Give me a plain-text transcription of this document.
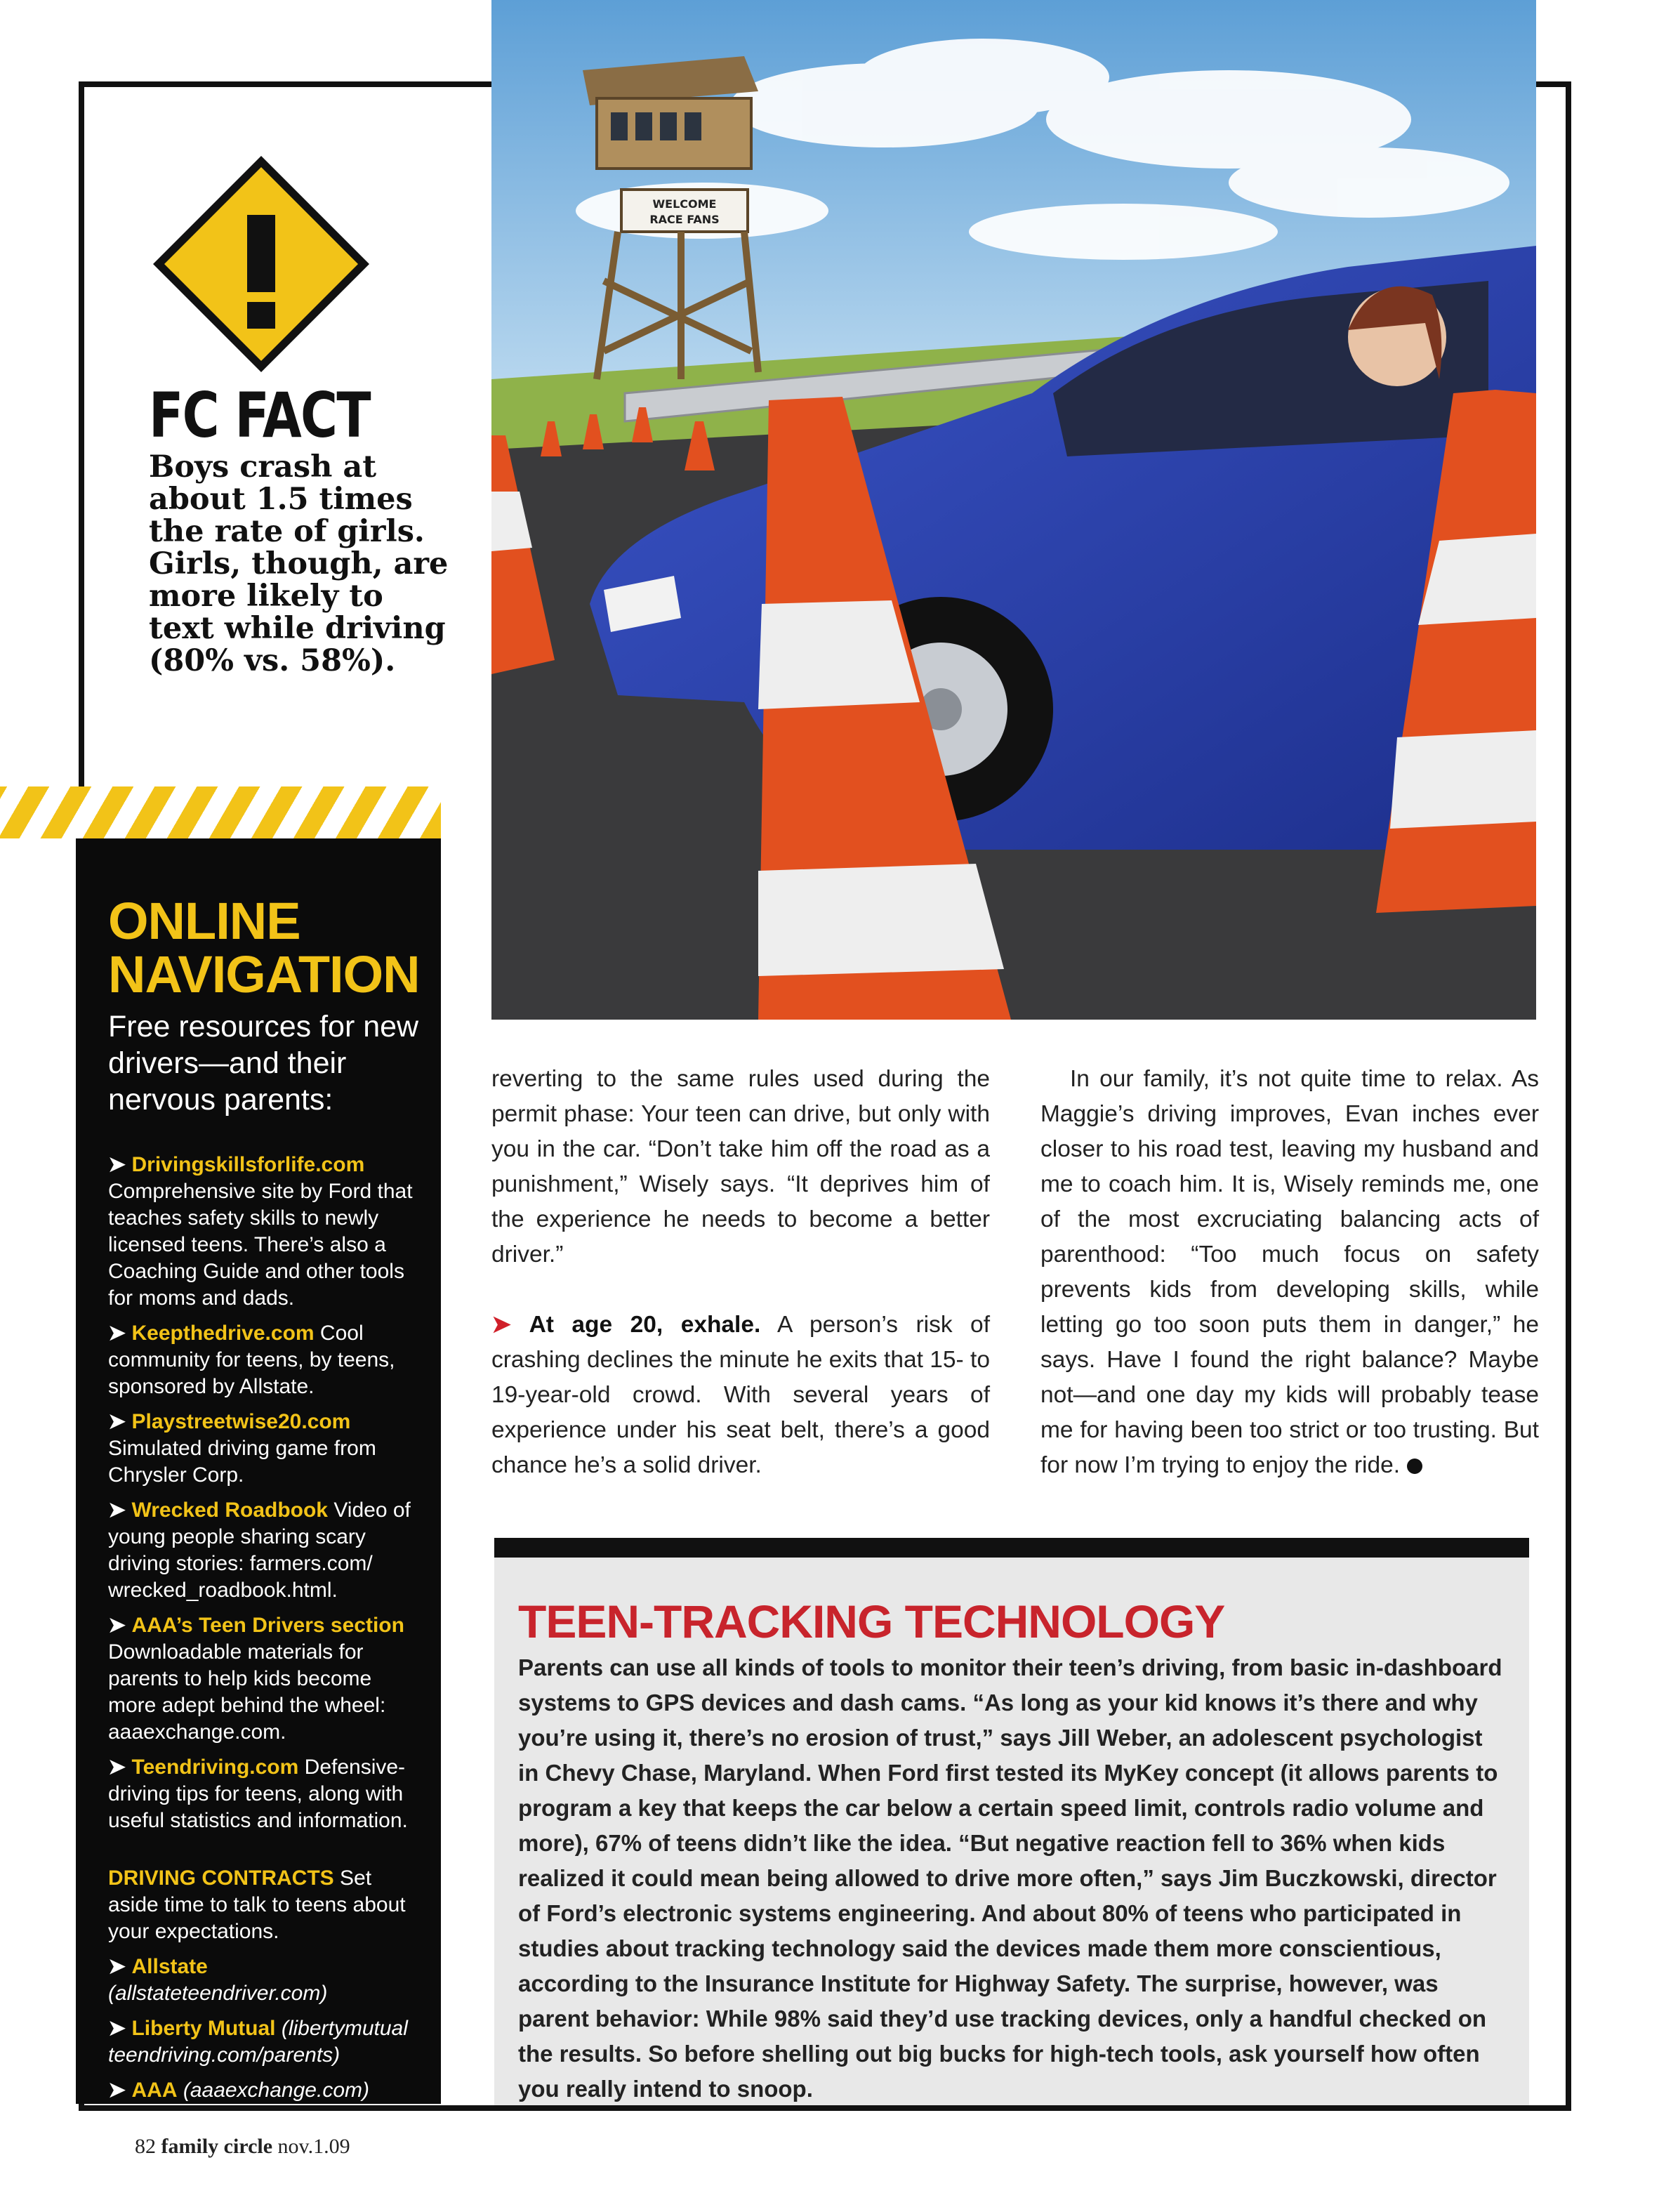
WELCOME
RACE FANS
FC FACT
Boys crash at about 1.5 times the rate of girls. Girls, though, are more likely to text while driving (80% vs. 58%).
ONLINE
NAVIGATION
Free resources for new drivers—and their nervous parents:
➤ Drivingskillsforlife.com Comprehensive site by Ford that teaches safety skills to newly licensed teens. There’s also a Coaching Guide and other tools for moms and dads.
➤ Keepthedrive.com Cool community for teens, by teens, sponsored by Allstate.
➤ Playstreetwise20.com Simulated driving game from Chrysler Corp.
➤ Wrecked Roadbook Video of young people sharing scary driving stories: farmers.com/ wrecked_roadbook.html.
➤ AAA’s Teen Drivers section Downloadable materials for parents to help kids become more adept behind the wheel: aaaexchange.com.
➤ Teendriving.com Defensive-driving tips for teens, along with useful statistics and information.
DRIVING CONTRACTS Set aside time to talk to teens about your expectations.
➤ Allstate (allstateteendriver.com)
➤ Liberty Mutual (libertymutual teendriving.com/parents)
➤ AAA (aaaexchange.com)

reverting to the same rules used during the permit phase: Your teen can drive, but only with you in the car. “Don’t take him off the road as a punishment,” Wisely says. “It deprives him of the experience he needs to become a better driver.”

➤ At age 20, exhale. A person’s risk of crashing declines the minute he exits that 15- to 19-year-old crowd. With several years of experience under his seat belt, there’s a good chance he’s a solid driver.

In our family, it’s not quite time to relax. As Maggie’s driving improves, Evan inches ever closer to his road test, leaving my husband and me to coach him. It is, Wisely reminds me, one of the most excruciating balancing acts of parenthood: “Too much focus on safety prevents kids from developing skills, while letting go too soon puts them in danger,” he says. Have I found the right balance? Maybe not—and one day my kids will probably tease me for having been too strict or too trusting. But for now I’m trying to enjoy the ride.

TEEN-TRACKING TECHNOLOGY

Parents can use all kinds of tools to monitor their teen’s driving, from basic in-dashboard systems to GPS devices and dash cams. “As long as your kid knows it’s there and why you’re using it, there’s no erosion of trust,” says Jill Weber, an adolescent psychologist in Chevy Chase, Maryland. When Ford first tested its MyKey concept (it allows parents to program a key that keeps the car below a certain speed limit, controls radio volume and more), 67% of teens didn’t like the idea. “But negative reaction fell to 36% when kids realized it could mean being allowed to drive more often,” says Jim Buczkowski, director of Ford’s electronic systems engineering. And about 80% of teens who participated in studies about tracking technology said the devices made them more conscientious, according to the Insurance Institute for Highway Safety. The surprise, however, was parent behavior: While 98% said they’d use tracking devices, only a handful checked on the results. So before shelling out big bucks for high-tech tools, ask yourself how often you really intend to snoop.

82 family circle nov.1.09
